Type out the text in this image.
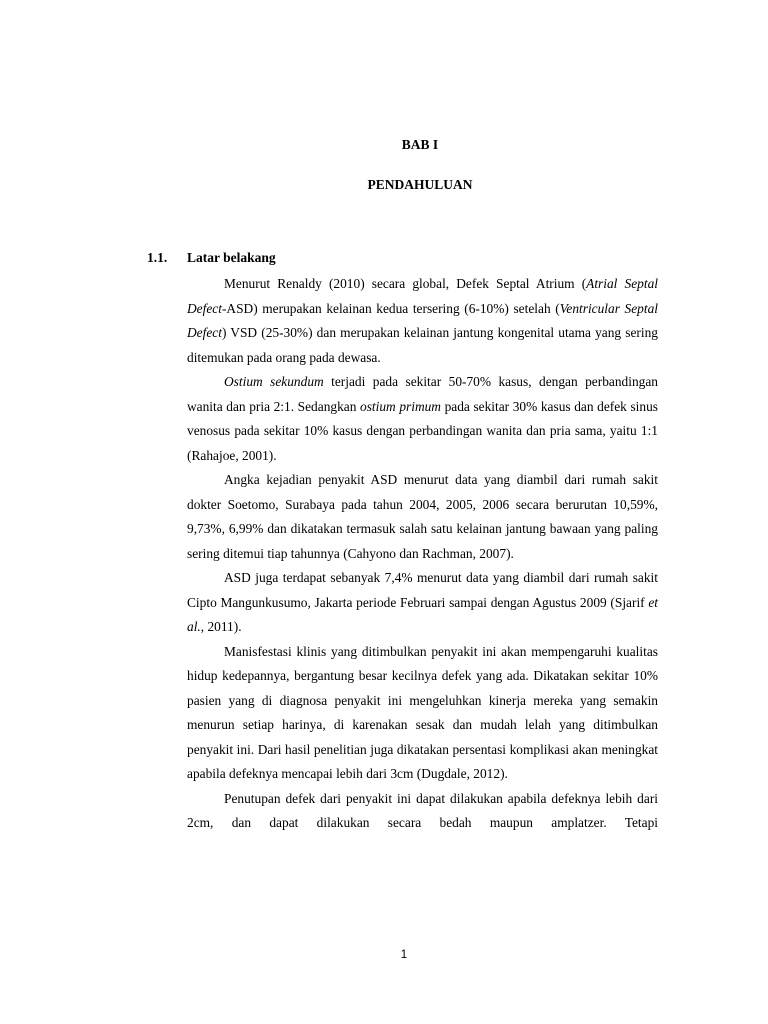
BAB I
PENDAHULUAN
1.1. Latar belakang

Menurut Renaldy (2010) secara global, Defek Septal Atrium (Atrial Septal Defect-ASD) merupakan kelainan kedua tersering (6-10%) setelah (Ventricular Septal Defect) VSD (25-30%) dan merupakan kelainan jantung kongenital utama yang sering ditemukan pada orang pada dewasa.

Ostium sekundum terjadi pada sekitar 50-70% kasus, dengan perbandingan wanita dan pria 2:1. Sedangkan ostium primum pada sekitar 30% kasus dan defek sinus venosus pada sekitar 10% kasus dengan perbandingan wanita dan pria sama, yaitu 1:1 (Rahajoe, 2001).

Angka kejadian penyakit ASD menurut data yang diambil dari rumah sakit dokter Soetomo, Surabaya pada tahun 2004, 2005, 2006 secara berurutan 10,59%, 9,73%, 6,99% dan dikatakan termasuk salah satu kelainan jantung bawaan yang paling sering ditemui tiap tahunnya (Cahyono dan Rachman, 2007).

ASD juga terdapat sebanyak 7,4% menurut data yang diambil dari rumah sakit Cipto Mangunkusumo, Jakarta periode Februari sampai dengan Agustus 2009 (Sjarif et al., 2011).

Manisfestasi klinis yang ditimbulkan penyakit ini akan mempengaruhi kualitas hidup kedepannya, bergantung besar kecilnya defek yang ada. Dikatakan sekitar 10% pasien yang di diagnosa penyakit ini mengeluhkan kinerja mereka yang semakin menurun setiap harinya, di karenakan sesak dan mudah lelah yang ditimbulkan penyakit ini. Dari hasil penelitian juga dikatakan persentasi komplikasi akan meningkat apabila defeknya mencapai lebih dari 3cm (Dugdale, 2012).

Penutupan defek dari penyakit ini dapat dilakukan apabila defeknya lebih dari 2cm, dan dapat dilakukan secara bedah maupun amplatzer. Tetapi

1
